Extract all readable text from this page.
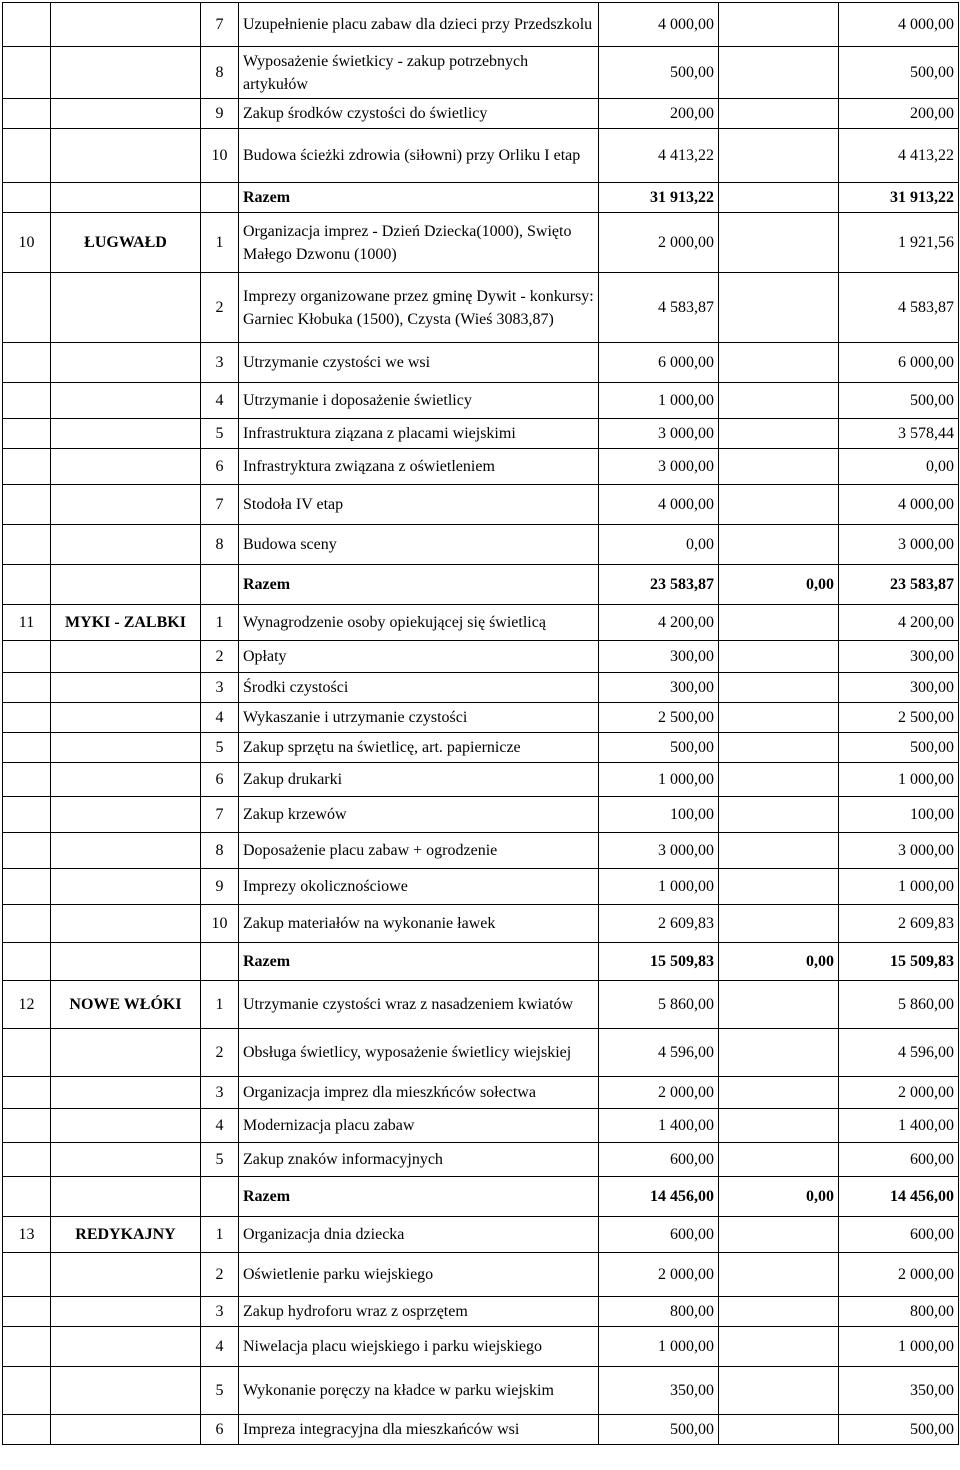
		7	Uzupełnienie placu zabaw dla dzieci przy Przedszkolu	4 000,00		4 000,00
		8	Wyposażenie świetkicy - zakup potrzebnych artykułów	500,00		500,00
		9	Zakup środków czystości do świetlicy	200,00		200,00
		10	Budowa ścieżki zdrowia (siłowni) przy Orliku I etap	4 413,22		4 413,22
			Razem	31 913,22		31 913,22
10	ŁUGWAŁD	1	Organizacja imprez - Dzień Dziecka(1000), Swięto Małego Dzwonu (1000)	2 000,00		1 921,56
		2	Imprezy organizowane przez gminę Dywit - konkursy: Garniec Kłobuka (1500), Czysta (Wieś 3083,87)	4 583,87		4 583,87
		3	Utrzymanie czystości we wsi	6 000,00		6 000,00
		4	Utrzymanie i doposażenie świetlicy	1 000,00		500,00
		5	Infrastruktura ziązana z placami wiejskimi	3 000,00		3 578,44
		6	Infrastryktura związana z oświetleniem	3 000,00		0,00
		7	Stodoła IV etap	4 000,00		4 000,00
		8	Budowa sceny	0,00		3 000,00
			Razem	23 583,87	0,00	23 583,87
11	MYKI - ZALBKI	1	Wynagrodzenie osoby opiekującej się świetlicą	4 200,00		4 200,00
		2	Opłaty	300,00		300,00
		3	Środki czystości	300,00		300,00
		4	Wykaszanie i utrzymanie czystości	2 500,00		2 500,00
		5	Zakup sprzętu na świetlicę, art. papiernicze	500,00		500,00
		6	Zakup drukarki	1 000,00		1 000,00
		7	Zakup krzewów	100,00		100,00
		8	Doposażenie placu zabaw + ogrodzenie	3 000,00		3 000,00
		9	Imprezy okolicznościowe	1 000,00		1 000,00
		10	Zakup materiałów na wykonanie ławek	2 609,83		2 609,83
			Razem	15 509,83	0,00	15 509,83
12	NOWE WŁÓKI	1	Utrzymanie czystości wraz z nasadzeniem kwiatów	5 860,00		5 860,00
		2	Obsługa świetlicy, wyposażenie świetlicy wiejskiej	4 596,00		4 596,00
		3	Organizacja imprez dla mieszkńców sołectwa	2 000,00		2 000,00
		4	Modernizacja placu zabaw	1 400,00		1 400,00
		5	Zakup znaków informacyjnych	600,00		600,00
			Razem	14 456,00	0,00	14 456,00
13	REDYKAJNY	1	Organizacja dnia dziecka	600,00		600,00
		2	Oświetlenie parku wiejskiego	2 000,00		2 000,00
		3	Zakup hydroforu wraz z osprzętem	800,00		800,00
		4	Niwelacja placu wiejskiego i parku wiejskiego	1 000,00		1 000,00
		5	Wykonanie poręczy na kładce w parku wiejskim	350,00		350,00
		6	Impreza integracyjna dla mieszkańców wsi	500,00		500,00
